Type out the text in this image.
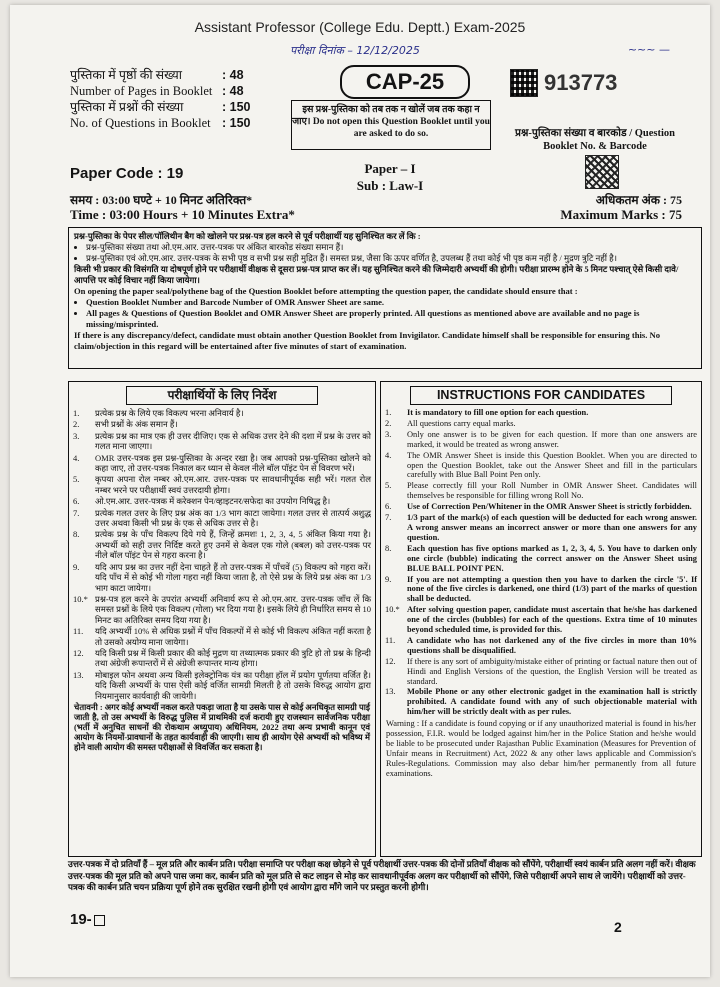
Assistant Professor (College Edu. Deptt.) Exam-2025
परीक्षा दिनांक – 12/12/2025	~~~ —
पुस्तिका में पृष्ठों की संख्या	: 48
Number of Pages in Booklet : 48
पुस्तिका में प्रश्नों की संख्या	: 150
No. of Questions in Booklet : 150
CAP-25
इस प्रश्न-पुस्तिका को तब तक न खोलें जब तक कहा न जाए। Do not open this Question Booklet until you are asked to do so.
913773
प्रश्न-पुस्तिका संख्या व बारकोड / Question Booklet No. & Barcode
Paper Code : 19	Paper – I
Sub : Law-I
समय : 03:00 घण्टे + 10 मिनट अतिरिक्त*
Time : 03:00 Hours + 10 Minutes Extra*
अधिकतम अंक : 75
Maximum Marks : 75
प्रश्न-पुस्तिका के पेपर सील/पॉलिथीन बैग को खोलने पर प्रश्न-पत्र हल करने से पूर्व परीक्षार्थी यह सुनिश्चित कर लें कि :
• प्रश्न-पुस्तिका संख्या तथा ओ.एम.आर. उत्तर-पत्रक पर अंकित बारकोड संख्या समान हैं।
• प्रश्न-पुस्तिका एवं ओ.एम.आर. उत्तर-पत्रक के सभी पृष्ठ व सभी प्रश्न सही मुद्रित हैं। समस्त प्रश्न, जैसा कि ऊपर वर्णित है, उपलब्ध हैं तथा कोई भी पृष्ठ कम नहीं है / मुद्रण त्रुटि नहीं है।
किसी भी प्रकार की विसंगति या दोषपूर्ण होने पर परीक्षार्थी वीक्षक से दूसरा प्रश्न-पत्र प्राप्त कर लें। यह सुनिश्चित करने की जिम्मेदारी अभ्यर्थी की होगी। परीक्षा प्रारम्भ होने के 5 मिनट पश्चात् ऐसे किसी दावे/आपत्ति पर कोई विचार नहीं किया जायेगा।
On opening the paper seal/polythene bag of the Question Booklet before attempting the question paper, the candidate should ensure that :
• Question Booklet Number and Barcode Number of OMR Answer Sheet are same.
• All pages & Questions of Question Booklet and OMR Answer Sheet are properly printed. All questions as mentioned above are available and no page is missing/misprinted.
If there is any discrepancy/defect, candidate must obtain another Question Booklet from Invigilator. Candidate himself shall be responsible for ensuring this. No claim/objection in this regard will be entertained after five minutes of start of examination.
परीक्षार्थियों के लिए निर्देश
1.	प्रत्येक प्रश्न के लिये एक विकल्प भरना अनिवार्य है।
2.	सभी प्रश्नों के अंक समान हैं।
3.	प्रत्येक प्रश्न का मात्र एक ही उत्तर दीजिए। एक से अधिक उत्तर देने की दशा में प्रश्न के उत्तर को गलत माना जाएगा।
4.	OMR उत्तर-पत्रक इस प्रश्न-पुस्तिका के अन्दर रखा है। जब आपको प्रश्न-पुस्तिका खोलने को कहा जाए, तो उत्तर-पत्रक निकाल कर ध्यान से केवल नीले बॉल पॉइंट पेन से विवरण भरें।
5.	कृपया अपना रोल नम्बर ओ.एम.आर. उत्तर-पत्रक पर सावधानीपूर्वक सही भरें। गलत रोल नम्बर भरने पर परीक्षार्थी स्वयं उत्तरदायी होगा।
6.	ओ.एम.आर. उत्तर-पत्रक में करेक्शन पेन/व्हाइटनर/सफेदा का उपयोग निषिद्ध है।
7.	प्रत्येक गलत उत्तर के लिए प्रश्न अंक का 1/3 भाग काटा जायेगा। गलत उत्तर से तात्पर्य अशुद्ध उत्तर अथवा किसी भी प्रश्न के एक से अधिक उत्तर से है।
8.	प्रत्येक प्रश्न के पाँच विकल्प दिये गये हैं, जिन्हें क्रमशः 1, 2, 3, 4, 5 अंकित किया गया है। अभ्यर्थी को सही उत्तर निर्दिष्ट करते हुए उनमें से केवल एक गोले (बबल) को उत्तर-पत्रक पर नीले बॉल पॉइंट पेन से गहरा करना है।
9.	यदि आप प्रश्न का उत्तर नहीं देना चाहते हैं तो उत्तर-पत्रक में पाँचवें (5) विकल्प को गहरा करें। यदि पाँच में से कोई भी गोला गहरा नहीं किया जाता है, तो ऐसे प्रश्न के लिये प्रश्न अंक का 1/3 भाग काटा जायेगा।
10.* प्रश्न-पत्र हल करने के उपरांत अभ्यर्थी अनिवार्य रूप से ओ.एम.आर. उत्तर-पत्रक जाँच लें कि समस्त प्रश्नों के लिये एक विकल्प (गोला) भर दिया गया है। इसके लिये ही निर्धारित समय से 10 मिनट का अतिरिक्त समय दिया गया है।
11.	यदि अभ्यर्थी 10% से अधिक प्रश्नों में पाँच विकल्पों में से कोई भी विकल्प अंकित नहीं करता है तो उसको अयोग्य माना जायेगा।
12.	यदि किसी प्रश्न में किसी प्रकार की कोई मुद्रण या तथ्यात्मक प्रकार की त्रुटि हो तो प्रश्न के हिन्दी तथा अंग्रेजी रूपान्तरों में से अंग्रेजी रूपान्तर मान्य होगा।
13.	मोबाइल फोन अथवा अन्य किसी इलेक्ट्रोनिक यंत्र का परीक्षा हॉल में प्रयोग पूर्णतया वर्जित है। यदि किसी अभ्यर्थी के पास ऐसी कोई वर्जित सामग्री मिलती है तो उसके विरुद्ध आयोग द्वारा नियमानुसार कार्यवाही की जायेगी।
चेतावनी : अगर कोई अभ्यर्थी नकल करते पकड़ा जाता है या उसके पास से कोई अनधिकृत सामग्री पाई जाती है, तो उस अभ्यर्थी के विरुद्ध पुलिस में प्राथमिकी दर्ज करायी हुए राजस्थान सार्वजनिक परीक्षा (भर्ती में अनुचित साधनों की रोकथाम अध्युपाय) अधिनियम, 2022 तथा अन्य प्रभावी कानून एवं आयोग के नियमों-प्रावधानों के तहत कार्यवाही की जाएगी। साथ ही आयोग ऐसे अभ्यर्थी को भविष्य में होने वाली आयोग की समस्त परीक्षाओं से विवर्जित कर सकता है।
INSTRUCTIONS FOR CANDIDATES
1.	It is mandatory to fill one option for each question.
2.	All questions carry equal marks.
3.	Only one answer is to be given for each question. If more than one answers are marked, it would be treated as wrong answer.
4.	The OMR Answer Sheet is inside this Question Booklet. When you are directed to open the Question Booklet, take out the Answer Sheet and fill in the particulars carefully with Blue Ball Point Pen only.
5.	Please correctly fill your Roll Number in OMR Answer Sheet. Candidates will themselves be responsible for filling wrong Roll No.
6.	Use of Correction Pen/Whitener in the OMR Answer Sheet is strictly forbidden.
7.	1/3 part of the mark(s) of each question will be deducted for each wrong answer. A wrong answer means an incorrect answer or more than one answers for any question.
8.	Each question has five options marked as 1, 2, 3, 4, 5. You have to darken only one circle (bubble) indicating the correct answer on the Answer Sheet using BLUE BALL POINT PEN.
9.	If you are not attempting a question then you have to darken the circle '5'. If none of the five circles is darkened, one third (1/3) part of the marks of question shall be deducted.
10.* After solving question paper, candidate must ascertain that he/she has darkened one of the circles (bubbles) for each of the questions. Extra time of 10 minutes beyond scheduled time, is provided for this.
11.	A candidate who has not darkened any of the five circles in more than 10% questions shall be disqualified.
12.	If there is any sort of ambiguity/mistake either of printing or factual nature then out of Hindi and English Versions of the question, the English Version will be treated as standard.
13.	Mobile Phone or any other electronic gadget in the examination hall is strictly prohibited. A candidate found with any of such objectionable material with him/her will be strictly dealt with as per rules.
Warning : If a candidate is found copying or if any unauthorized material is found in his/her possession, F.I.R. would be lodged against him/her in the Police Station and he/she would be liable to be prosecuted under Rajasthan Public Examination (Measures for Prevention of Unfair means in Recruitment) Act, 2022 & any other laws applicable and Commission's Rules-Regulations. Commission may also debar him/her permanently from all future examinations.
उत्तर-पत्रक में दो प्रतियाँ हैं – मूल प्रति और कार्बन प्रति। परीक्षा समाप्ति पर परीक्षा कक्ष छोड़ने से पूर्व परीक्षार्थी उत्तर-पत्रक की दोनों प्रतियाँ वीक्षक को सौंपेंगे, परीक्षार्थी स्वयं कार्बन प्रति अलग नहीं करें। वीक्षक उत्तर-पत्रक की मूल प्रति को अपने पास जमा कर, कार्बन प्रति को मूल प्रति से कट लाइन से मोड़ कर सावधानीपूर्वक अलग कर परीक्षार्थी को सौंपेंगे, जिसे परीक्षार्थी अपने साथ ले जायेंगे। परीक्षार्थी को उत्तर-पत्रक की कार्बन प्रति चयन प्रक्रिया पूर्ण होने तक सुरक्षित रखनी होगी एवं आयोग द्वारा माँगे जाने पर प्रस्तुत करनी होगी।
19-	2
